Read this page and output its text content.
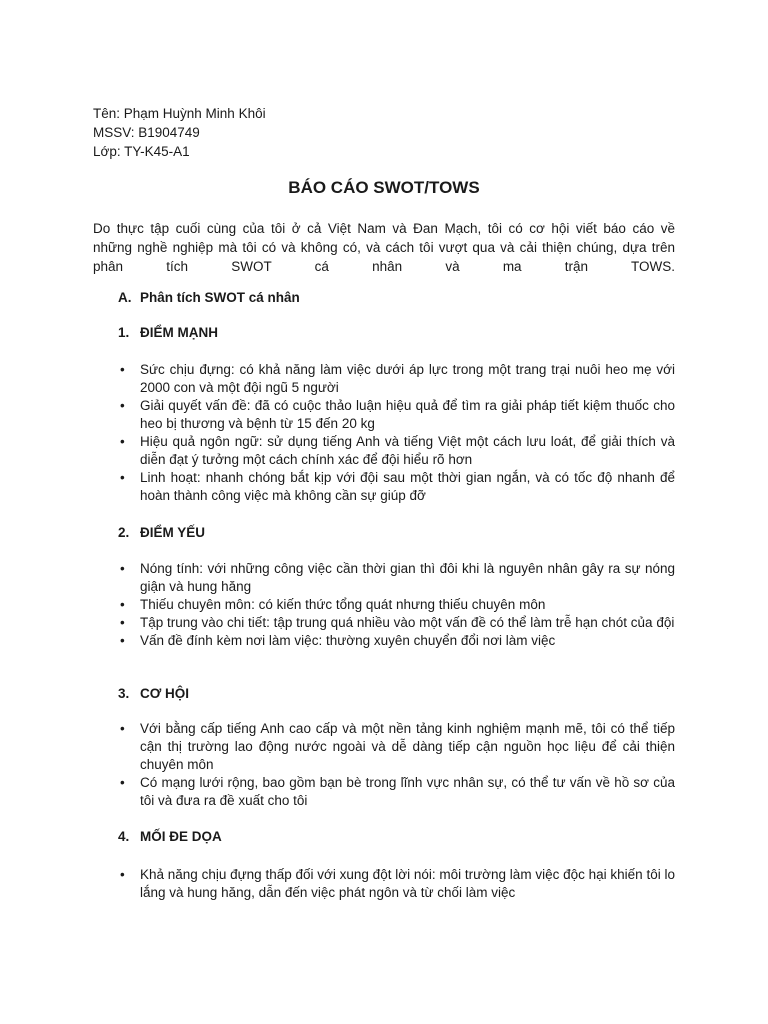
Tên: Phạm Huỳnh Minh Khôi
MSSV: B1904749
Lớp: TY-K45-A1
BÁO CÁO SWOT/TOWS
Do thực tập cuối cùng của tôi ở cả Việt Nam và Đan Mạch, tôi có cơ hội viết báo cáo về
những nghề nghiệp mà tôi có và không có, và cách tôi vượt qua và cải thiện chúng, dựa trên
phân tích SWOT cá nhân và ma trận TOWS.
A. Phân tích SWOT cá nhân
1. ĐIỂM MẠNH
• Sức chịu đựng: có khả năng làm việc dưới áp lực trong một trang trại nuôi heo mẹ với 2000 con và một đội ngũ 5 người
• Giải quyết vấn đề: đã có cuộc thảo luận hiệu quả để tìm ra giải pháp tiết kiệm thuốc cho heo bị thương và bệnh từ 15 đến 20 kg
• Hiệu quả ngôn ngữ: sử dụng tiếng Anh và tiếng Việt một cách lưu loát, để giải thích và diễn đạt ý tưởng một cách chính xác để đội hiểu rõ hơn
• Linh hoạt: nhanh chóng bắt kịp với đội sau một thời gian ngắn, và có tốc độ nhanh để hoàn thành công việc mà không cần sự giúp đỡ
2. ĐIỂM YẾU
• Nóng tính: với những công việc cần thời gian thì đôi khi là nguyên nhân gây ra sự nóng giận và hung hăng
• Thiếu chuyên môn: có kiến thức tổng quát nhưng thiếu chuyên môn
• Tập trung vào chi tiết: tập trung quá nhiều vào một vấn đề có thể làm trễ hạn chót của đội
• Vấn đề đính kèm nơi làm việc: thường xuyên chuyển đổi nơi làm việc
3. CƠ HỘI
• Với bằng cấp tiếng Anh cao cấp và một nền tảng kinh nghiệm mạnh mẽ, tôi có thể tiếp cận thị trường lao động nước ngoài và dễ dàng tiếp cận nguồn học liệu để cải thiện chuyên môn
• Có mạng lưới rộng, bao gồm bạn bè trong lĩnh vực nhân sự, có thể tư vấn về hồ sơ của tôi và đưa ra đề xuất cho tôi
4. MỐI ĐE DỌA
• Khả năng chịu đựng thấp đối với xung đột lời nói: môi trường làm việc độc hại khiến tôi lo lắng và hung hăng, dẫn đến việc phát ngôn và từ chối làm việc
